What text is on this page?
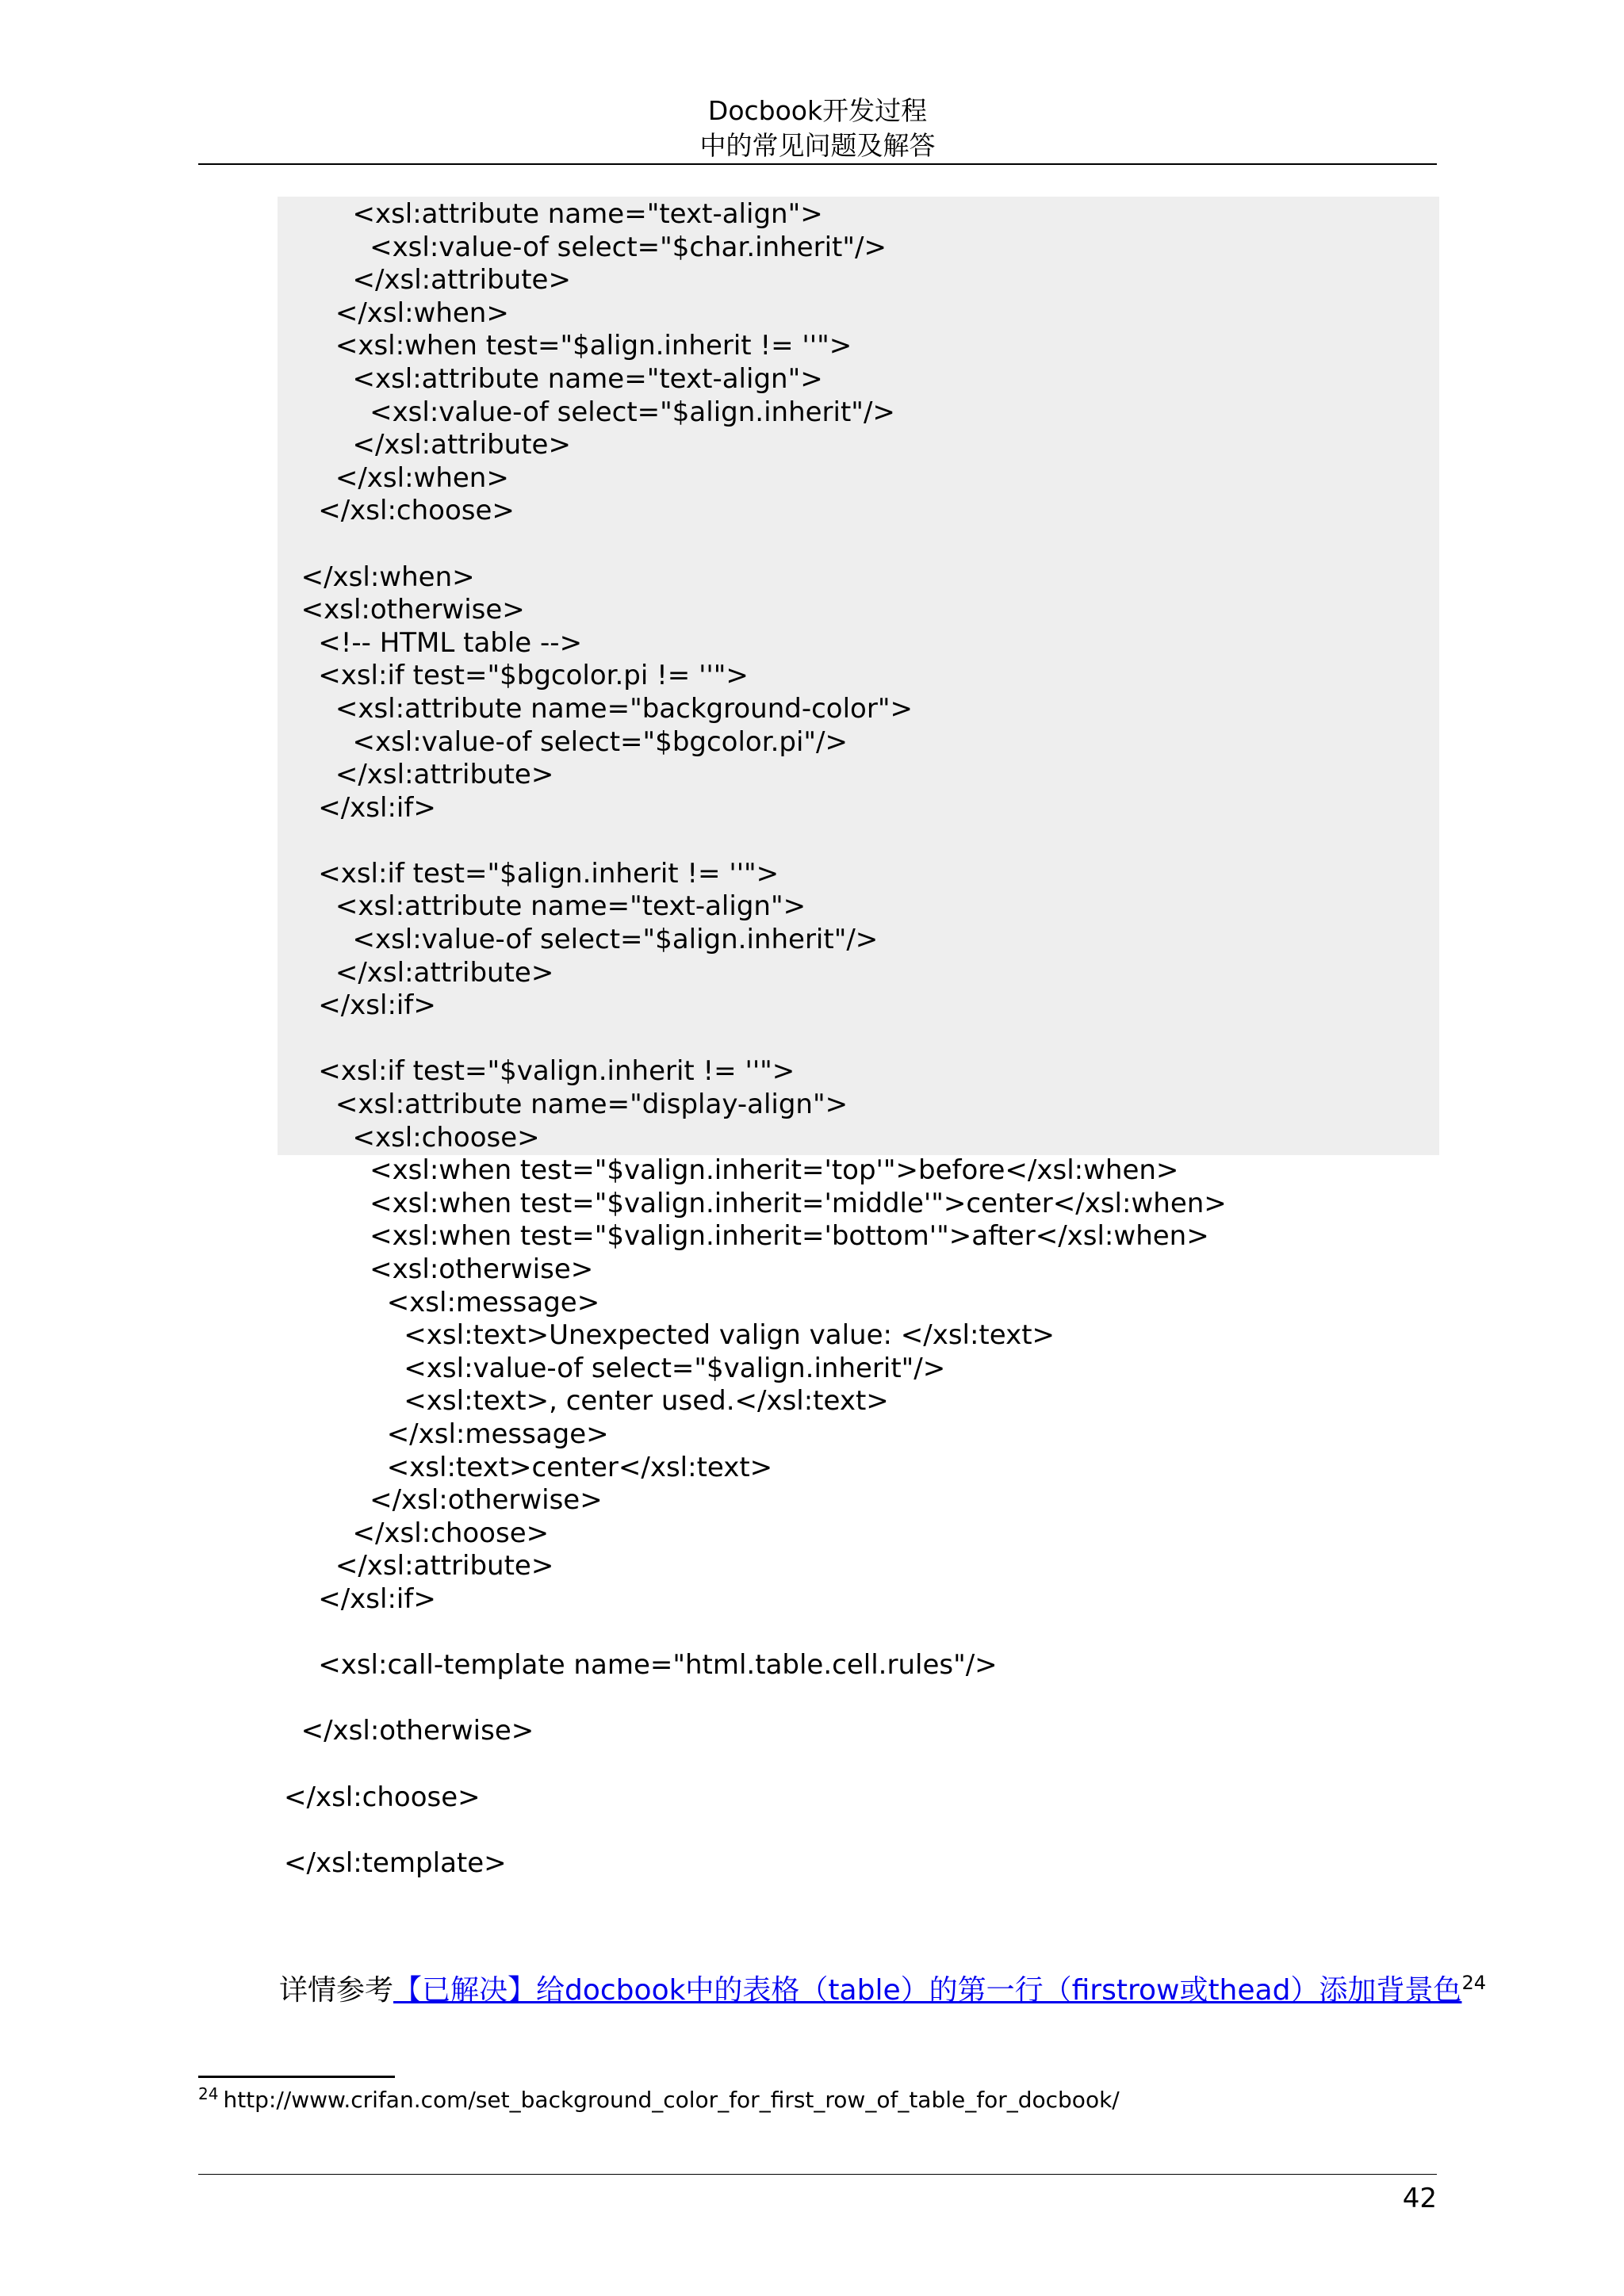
Docbook开发过程
中的常见问题及解答
<xsl:attribute name="text-align">
<xsl:value-of select="$char.inherit"/>
</xsl:attribute>
</xsl:when>
<xsl:when test="$align.inherit != ''">
<xsl:attribute name="text-align">
<xsl:value-of select="$align.inherit"/>
</xsl:attribute>
</xsl:when>
</xsl:choose>
</xsl:when>
<xsl:otherwise>
<!-- HTML table -->
<xsl:if test="$bgcolor.pi != ''">
<xsl:attribute name="background-color">
<xsl:value-of select="$bgcolor.pi"/>
</xsl:attribute>
</xsl:if>
<xsl:if test="$align.inherit != ''">
<xsl:attribute name="text-align">
<xsl:value-of select="$align.inherit"/>
</xsl:attribute>
</xsl:if>
<xsl:if test="$valign.inherit != ''">
<xsl:attribute name="display-align">
<xsl:choose>
<xsl:when test="$valign.inherit='top'">before</xsl:when>
<xsl:when test="$valign.inherit='middle'">center</xsl:when>
<xsl:when test="$valign.inherit='bottom'">after</xsl:when>
<xsl:otherwise>
<xsl:message>
<xsl:text>Unexpected valign value: </xsl:text>
<xsl:value-of select="$valign.inherit"/>
<xsl:text>, center used.</xsl:text>
</xsl:message>
<xsl:text>center</xsl:text>
</xsl:otherwise>
</xsl:choose>
</xsl:attribute>
</xsl:if>
<xsl:call-template name="html.table.cell.rules"/>
</xsl:otherwise>
</xsl:choose>
</xsl:template>
详情参考【已解决】给docbook中的表格（table）的第一行（firstrow或thead）添加背景色$^{24}$
$^{24}$ http://www.crifan.com/set_background_color_for_first_row_of_table_for_docbook/
42
